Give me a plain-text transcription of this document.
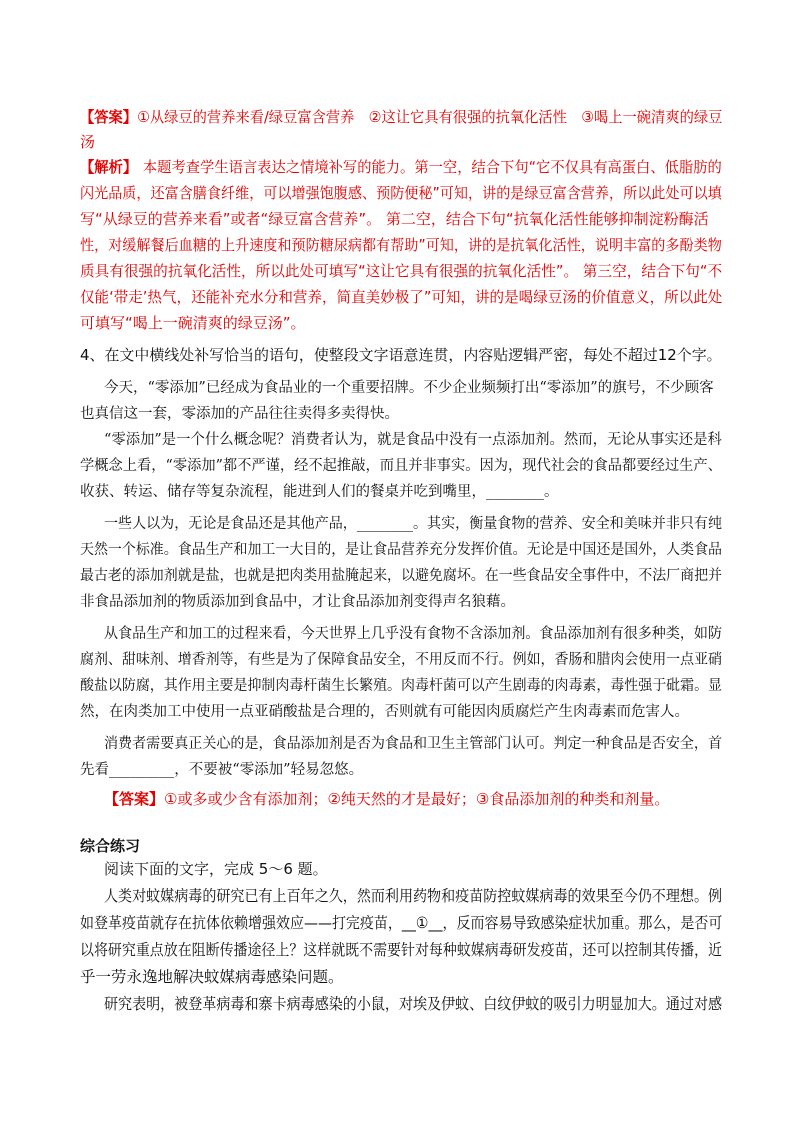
【答案】①从绿豆的营养来看/绿豆富含营养　②这让它具有很强的抗氧化活性　③喝上一碗清爽的绿豆
汤
【解析】 本题考查学生语言表达之情境补写的能力。第一空，结合下句“它不仅具有高蛋白、低脂肪的
闪光品质，还富含膳食纤维，可以增强饱腹感、预防便秘”可知，讲的是绿豆富含营养，所以此处可以填
写“从绿豆的营养来看”或者“绿豆富含营养”。 第二空，结合下句“抗氧化活性能够抑制淀粉酶活
性，对缓解餐后血糖的上升速度和预防糖尿病都有帮助”可知，讲的是抗氧化活性，说明丰富的多酚类物
质具有很强的抗氧化活性，所以此处可填写“这让它具有很强的抗氧化活性”。 第三空，结合下句“不
仅能‘带走’热气，还能补充水分和营养，简直美妙极了”可知，讲的是喝绿豆汤的价值意义，所以此处
可填写“喝上一碗清爽的绿豆汤”。
4、在文中横线处补写恰当的语句，使整段文字语意连贯，内容贴逻辑严密，每处不超过12个字。
今天，“零添加”已经成为食品业的一个重要招牌。不少企业频频打出“零添加”的旗号，不少顾客
也真信这一套，零添加的产品往往卖得多卖得快。
“零添加”是一个什么概念呢？消费者认为，就是食品中没有一点添加剂。然而，无论从事实还是科
学概念上看，“零添加”都不严谨，经不起推敲，而且并非事实。因为，现代社会的食品都要经过生产、
收获、转运、储存等复杂流程，能进到人们的餐桌并吃到嘴里，________。
一些人以为，无论是食品还是其他产品，________。其实，衡量食物的营养、安全和美味并非只有纯
天然一个标准。食品生产和加工一大目的，是让食品营养充分发挥价值。无论是中国还是国外，人类食品
最古老的添加剂就是盐，也就是把肉类用盐腌起来，以避免腐坏。在一些食品安全事件中，不法厂商把并
非食品添加剂的物质添加到食品中，才让食品添加剂变得声名狼藉。
从食品生产和加工的过程来看，今天世界上几乎没有食物不含添加剂。食品添加剂有很多种类，如防
腐剂、甜味剂、增香剂等，有些是为了保障食品安全，不用反而不行。例如，香肠和腊肉会使用一点亚硝
酸盐以防腐，其作用主要是抑制肉毒杆菌生长繁殖。肉毒杆菌可以产生剧毒的肉毒素，毒性强于砒霜。显
然，在肉类加工中使用一点亚硝酸盐是合理的，否则就有可能因肉质腐烂产生肉毒素而危害人。
消费者需要真正关心的是，食品添加剂是否为食品和卫生主管部门认可。判定一种食品是否安全，首
先看_________，不要被“零添加”轻易忽悠。
【答案】①或多或少含有添加剂；②纯天然的才是最好；③食品添加剂的种类和剂量。
综合练习
阅读下面的文字，完成 5～6 题。
人类对蚊媒病毒的研究已有上百年之久，然而利用药物和疫苗防控蚊媒病毒的效果至今仍不理想。例
如登革疫苗就存在抗体依赖增强效应——打完疫苗，__①__，反而容易导致感染症状加重。那么，是否可
以将研究重点放在阻断传播途径上？这样就既不需要针对每种蚊媒病毒研发疫苗，还可以控制其传播，近
乎一劳永逸地解决蚊媒病毒感染问题。
研究表明，被登革病毒和寨卡病毒感染的小鼠，对埃及伊蚊、白纹伊蚊的吸引力明显加大。通过对感
